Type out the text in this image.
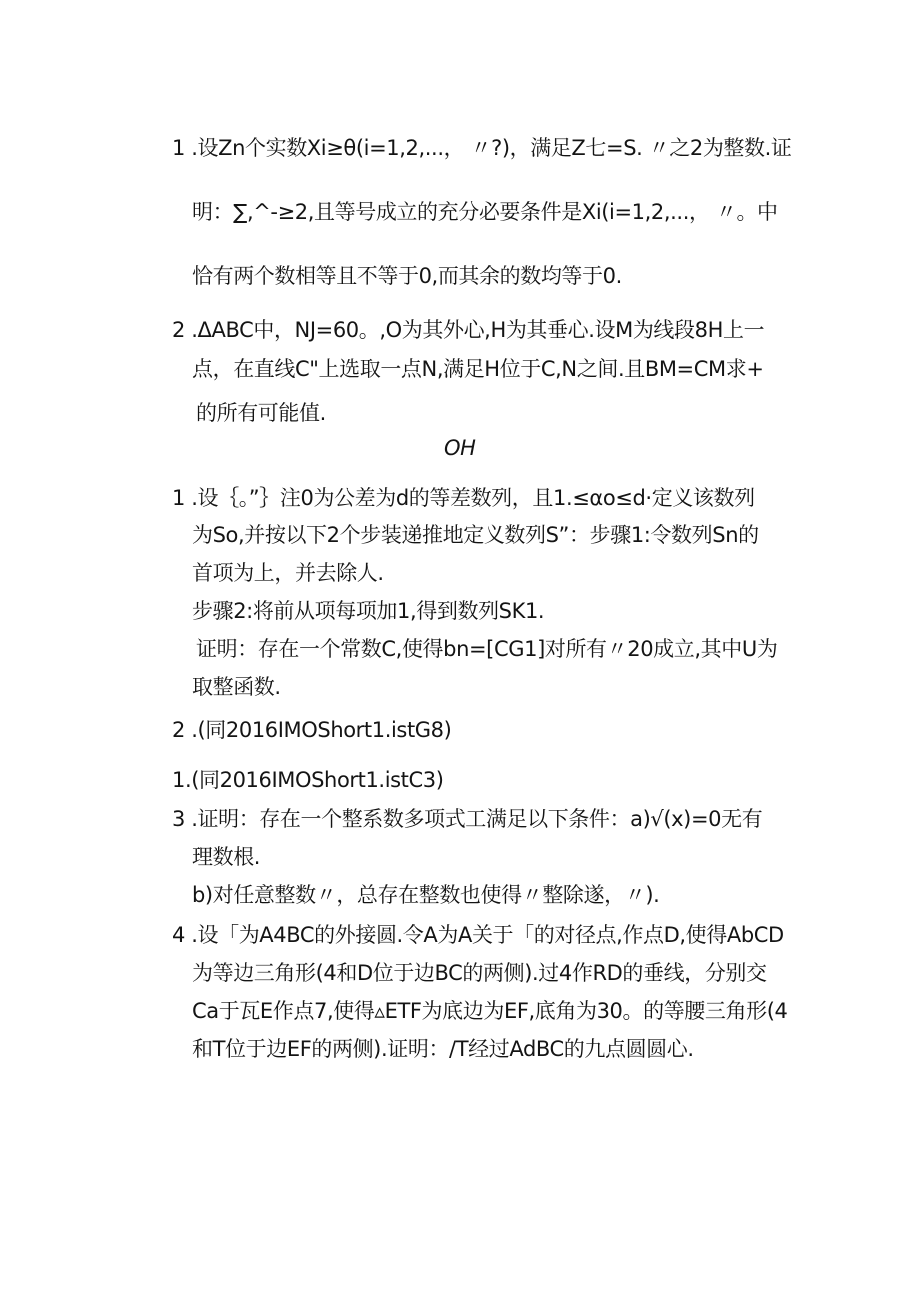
1 .设Zn个实数Xi≥θ(i=1,2,...， 〃?)，满足Z七=S. 〃之2为整数.证
明：∑,^-≥2,且等号成立的充分必要条件是Xi(i=1,2,...， 〃。中
恰有两个数相等且不等于0,而其余的数均等于0.
2 .ΔABC中，NJ=60。,O为其外心,H为其垂心.设M为线段8H上一
点，在直线C"上选取一点N,满足H位于C,N之间.且BM=CM求+
的所有可能值.
OH
1 .设｛。”｝注0为公差为d的等差数列，且1.≤αo≤d·定义该数列
为So,并按以下2个步装递推地定义数列S”：步骤1:令数列Sn的
首项为上，并去除人.
步骤2:将前从项每项加1,得到数列SK1.
证明：存在一个常数C,使得bn=[CG1]对所有〃20成立,其中U为
取整函数.
2 .(同2016IMOShort1.istG8)
1.(同2016IMOShort1.istC3)
3 .证明：存在一个整系数多项式工满足以下条件：a)√(x)=0无有
理数根.
b)对任意整数〃，总存在整数也使得〃整除遂，〃).
4 .设「为A4BC的外接圆.令A为A关于「的对径点,作点D,使得AbCD
为等边三角形(4和D位于边BC的两侧).过4作RD的垂线，分别交
Ca于瓦E作点7,使得▵ETF为底边为EF,底角为30。的等腰三角形(4
和T位于边EF的两侧).证明：/T经过AdBC的九点圆圆心.
